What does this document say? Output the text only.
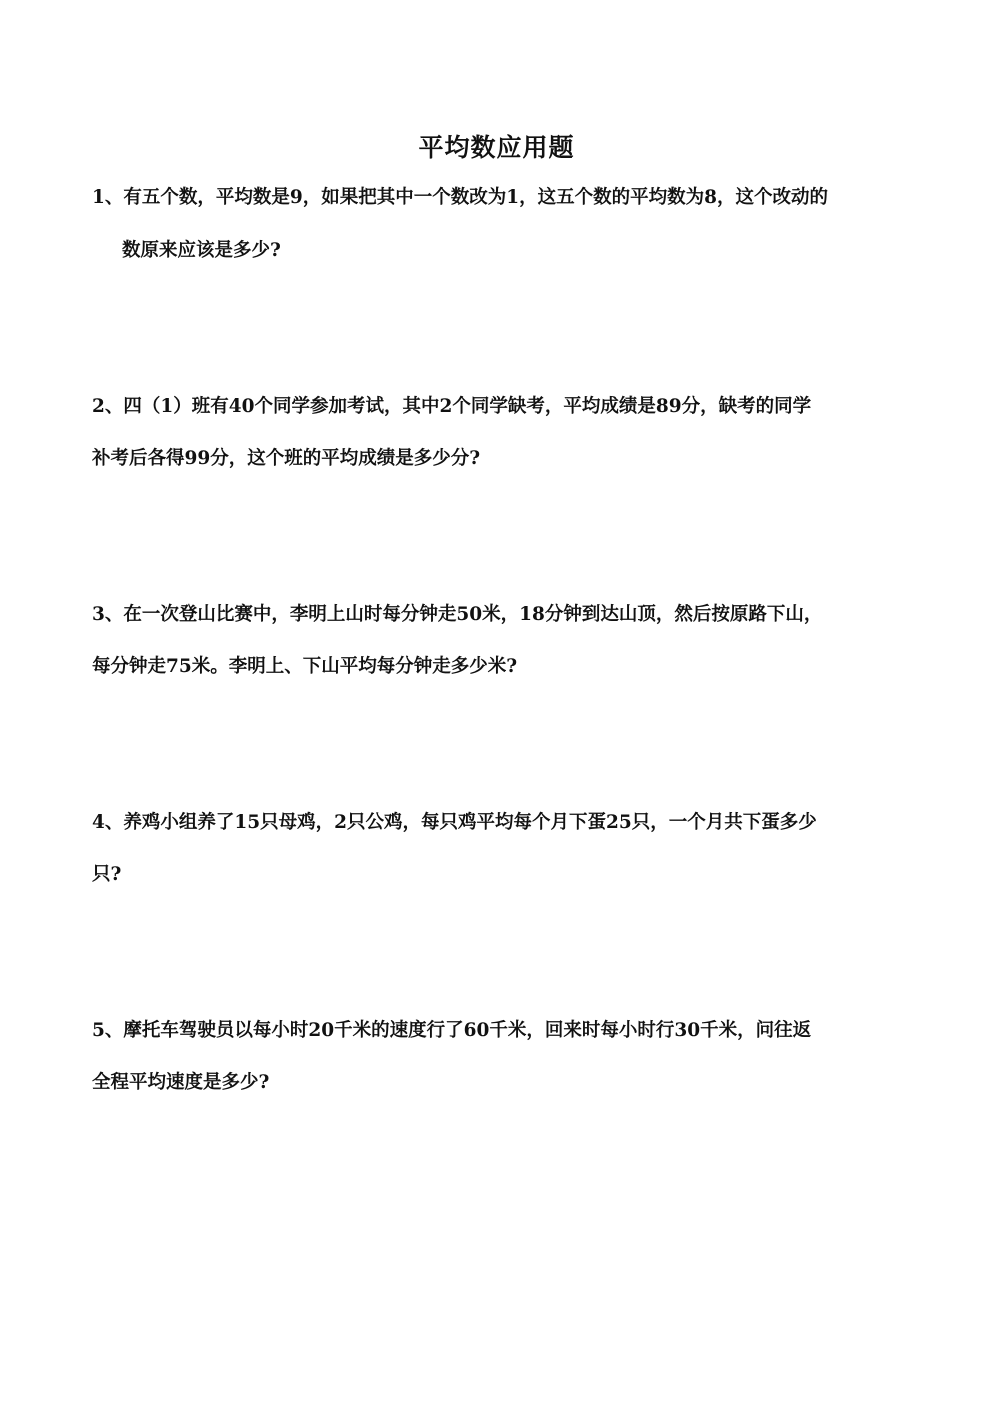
平均数应用题
1、有五个数，平均数是9，如果把其中一个数改为1，这五个数的平均数为8，这个改动的
数原来应该是多少?
2、四（1）班有40个同学参加考试，其中2个同学缺考，平均成绩是89分，缺考的同学
补考后各得99分，这个班的平均成绩是多少分?
3、在一次登山比赛中，李明上山时每分钟走50米，18分钟到达山顶，然后按原路下山，
每分钟走75米。李明上、下山平均每分钟走多少米?
4、养鸡小组养了15只母鸡，2只公鸡，每只鸡平均每个月下蛋25只，一个月共下蛋多少
只?
5、摩托车驾驶员以每小时20千米的速度行了60千米，回来时每小时行30千米，问往返
全程平均速度是多少?
